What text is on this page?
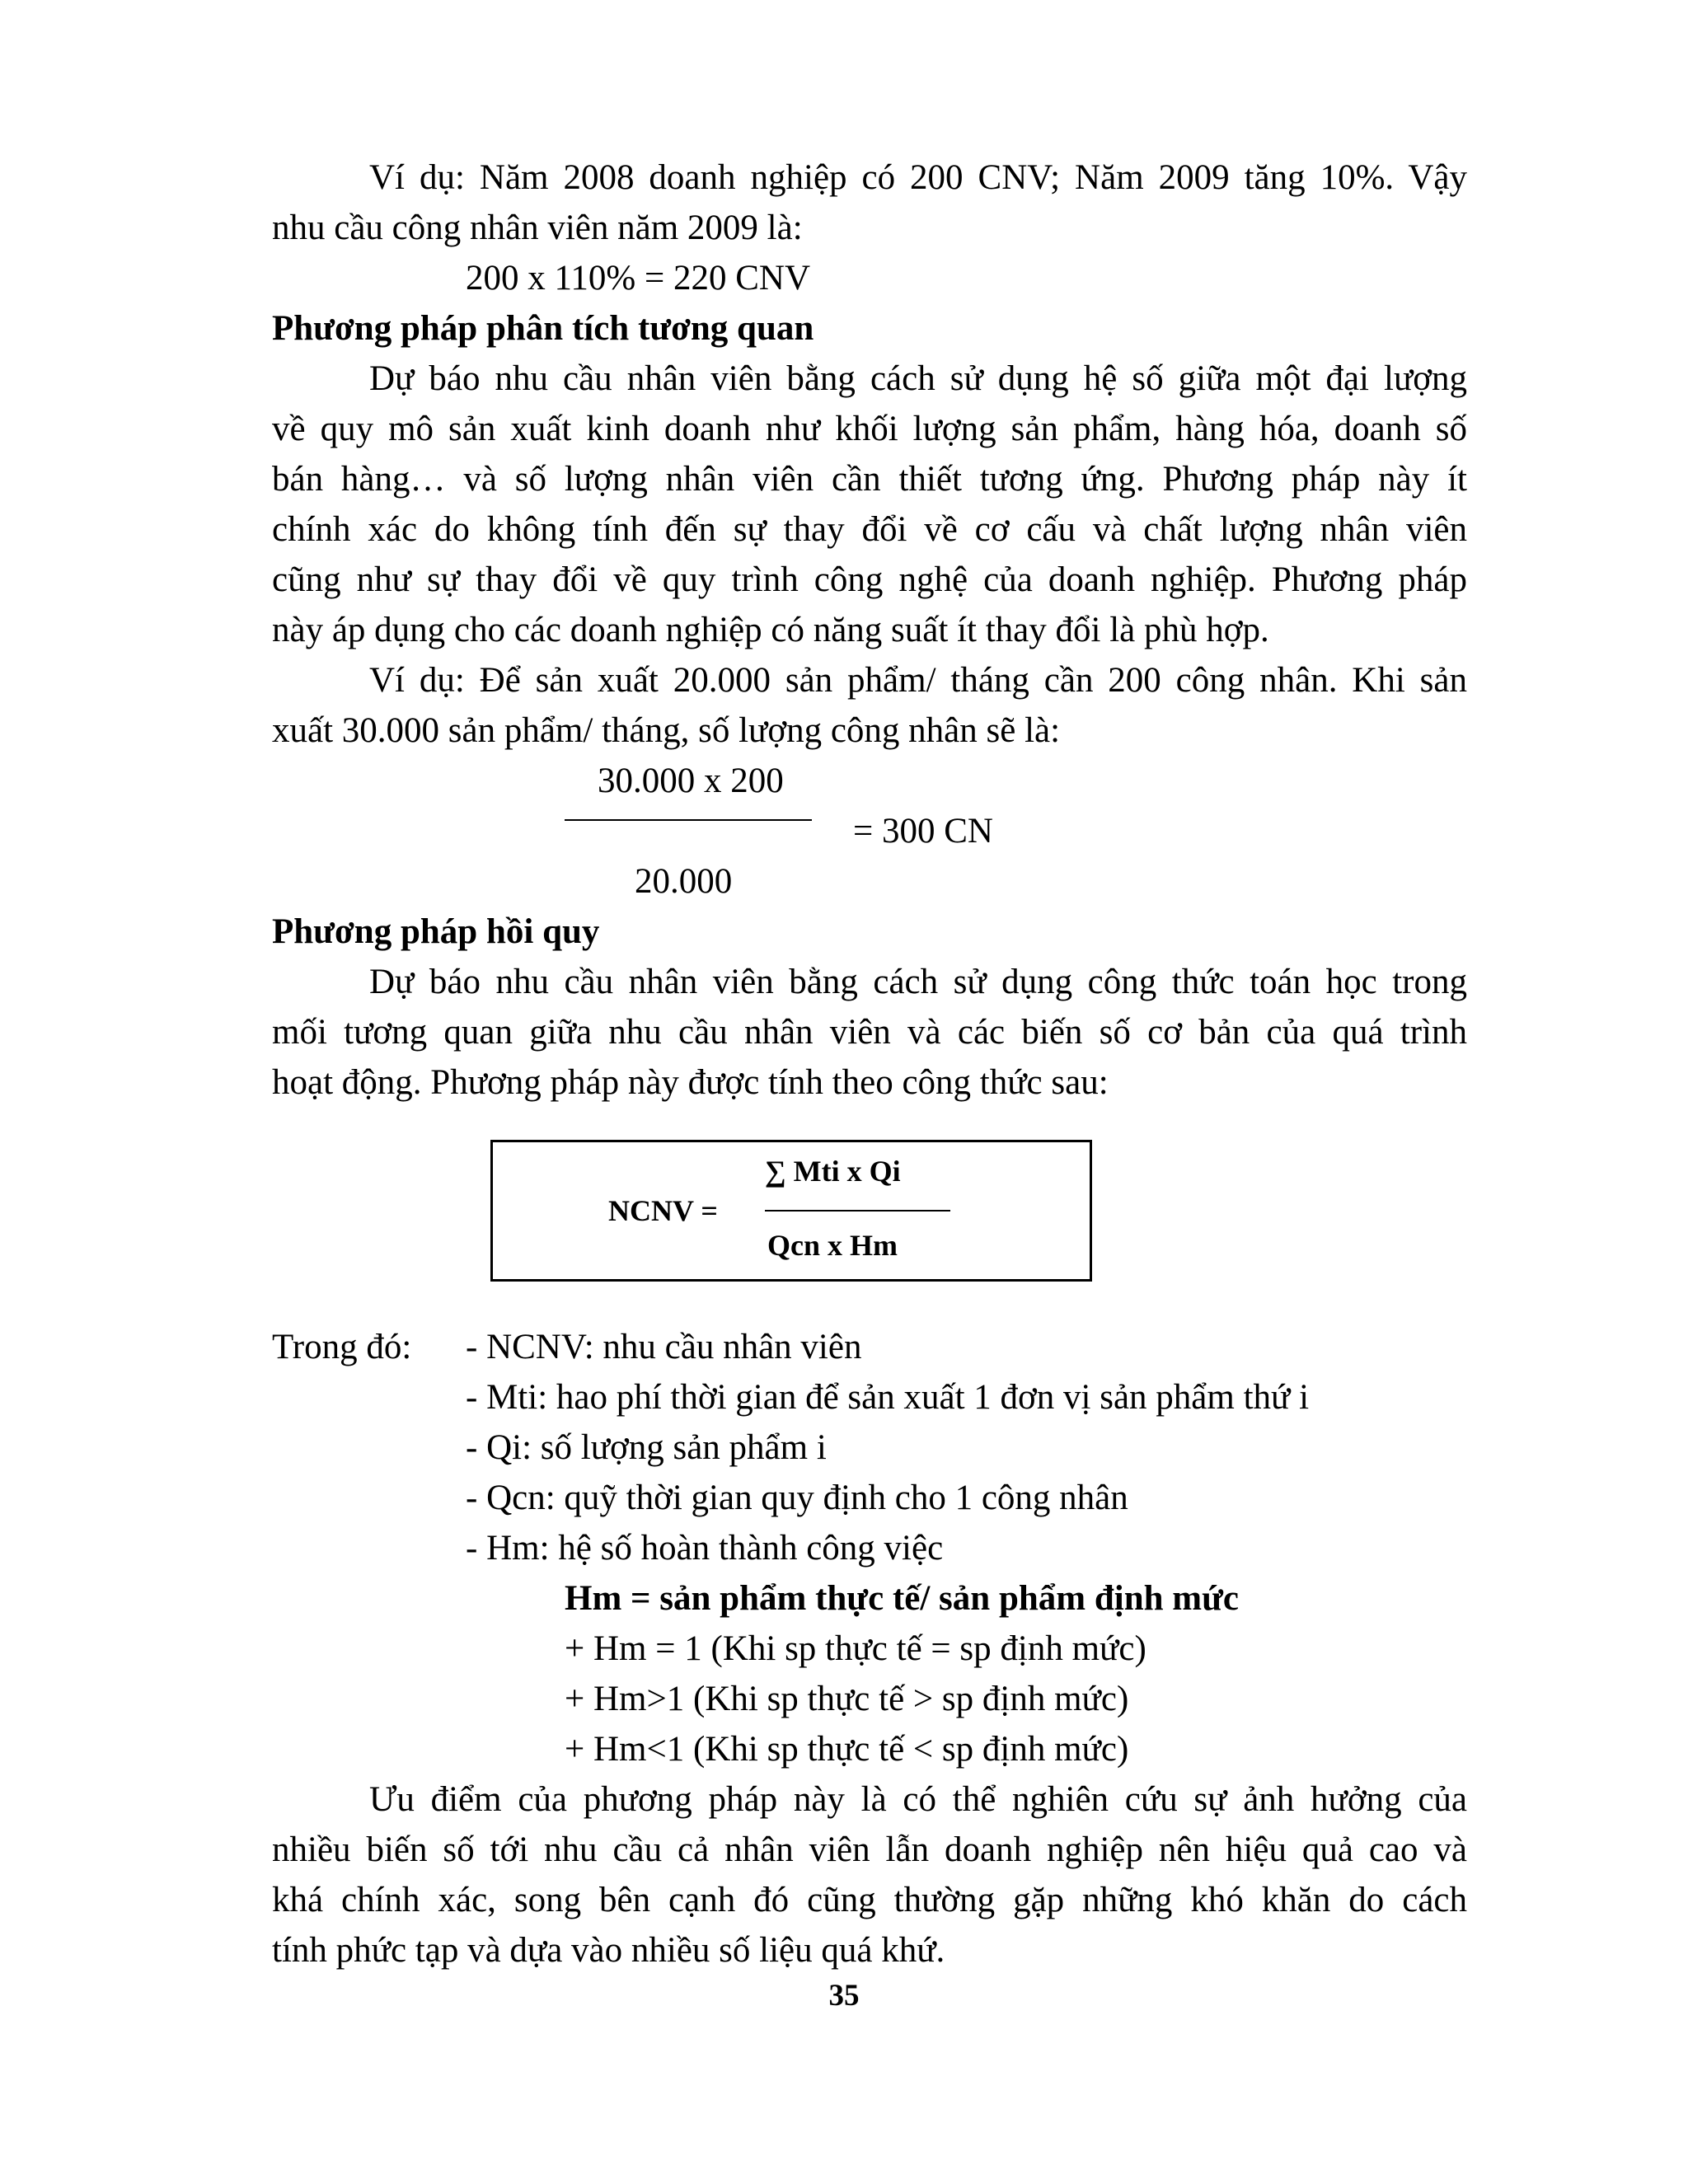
Ví dụ: Năm 2008 doanh nghiệp có 200 CNV; Năm 2009 tăng 10%. Vậy

nhu cầu công nhân viên năm 2009 là:

200 x 110% = 220 CNV

Phương pháp phân tích tương quan

Dự báo nhu cầu nhân viên bằng cách sử dụng hệ số giữa một đại lượng

về quy mô sản xuất kinh doanh như khối lượng sản phẩm, hàng hóa, doanh số

bán hàng… và số lượng nhân viên cần thiết tương ứng. Phương pháp này ít

chính xác do không tính đến sự thay đổi về cơ cấu và chất lượng nhân viên

cũng như sự thay đổi về quy trình công nghệ của doanh nghiệp. Phương pháp

này áp dụng cho các doanh nghiệp có năng suất ít thay đổi là phù hợp.

Ví dụ: Để sản xuất 20.000 sản phẩm/ tháng cần 200 công nhân. Khi sản

xuất 30.000 sản phẩm/ tháng, số lượng công nhân sẽ là:

30.000 x 200
= 300 CN
20.000

Phương pháp hồi quy

Dự báo nhu cầu nhân viên bằng cách sử dụng công thức toán học trong

mối tương quan giữa nhu cầu nhân viên và các biến số cơ bản của quá trình

hoạt động. Phương pháp này được tính theo công thức sau:

NCNV =
∑ Mti x Qi
Qcn x Hm
Trong đó:	- NCNV: nhu cầu nhân viên

- Mti: hao phí thời gian để sản xuất 1 đơn vị sản phẩm thứ i

- Qi: số lượng sản phẩm i

- Qcn: quỹ thời gian quy định cho 1 công nhân

- Hm: hệ số hoàn thành công việc

Hm = sản phẩm thực tế/ sản phẩm định mức

+ Hm = 1 (Khi sp thực tế = sp định mức)

+ Hm>1 (Khi sp thực tế > sp định mức)

+ Hm<1 (Khi sp thực tế < sp định mức)

Ưu điểm của phương pháp này là có thể nghiên cứu sự ảnh hưởng của

nhiều biến số tới nhu cầu cả nhân viên lẫn doanh nghiệp nên hiệu quả cao và

khá chính xác, song bên cạnh đó cũng thường gặp những khó khăn do cách

tính phức tạp và dựa vào nhiều số liệu quá khứ.

35
